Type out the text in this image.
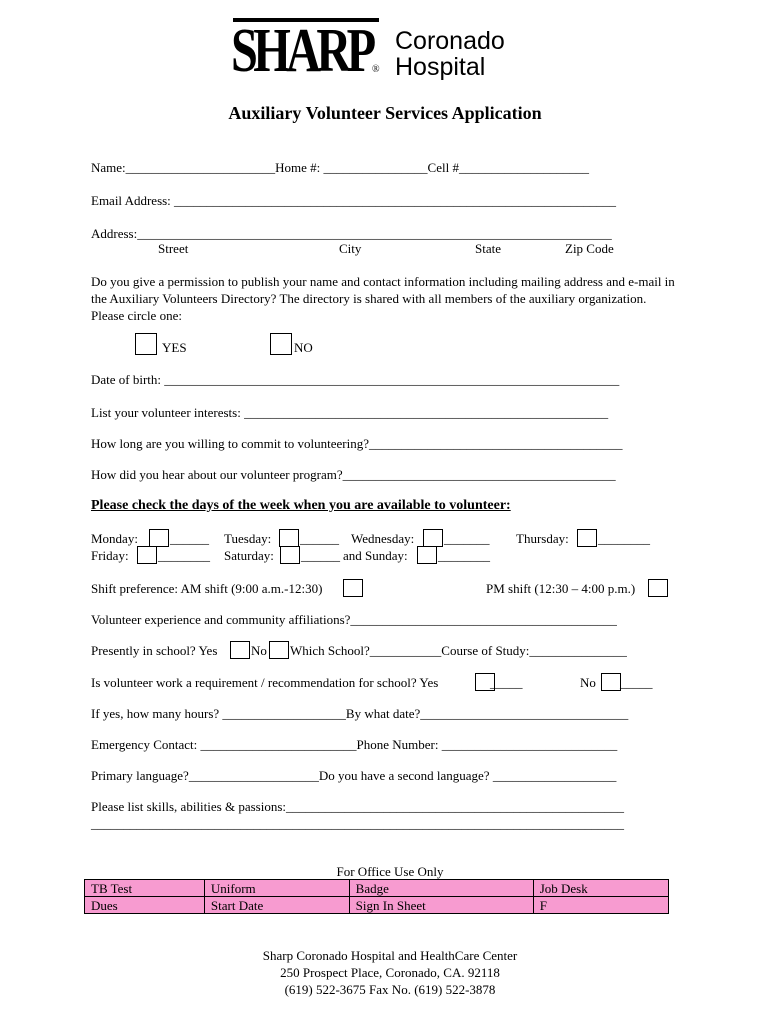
SHARP ®
Coronado
Hospital
Auxiliary Volunteer Services Application
Name:_______________________Home #: ________________Cell #____________________
Email Address: ____________________________________________________________________
Address:_________________________________________________________________________
Street	City	State	Zip Code
Do you give a permission to publish your name and contact information including mailing address and e-mail in the Auxiliary Volunteers Directory? The directory is shared with all members of the auxiliary organization. Please circle one:
YES	NO
Date of birth: ______________________________________________________________________
List your volunteer interests: ________________________________________________________
How long are you willing to commit to volunteering?_______________________________________
How did you hear about our volunteer program?__________________________________________
Please check the days of the week when you are available to volunteer:
Monday: ______ Tuesday: ______ Wednesday: _______ Thursday: ________
Friday: ________ Saturday: ______ and Sunday: ________
Shift preference: AM shift (9:00 a.m.-12:30)	PM shift (12:30 – 4:00 p.m.)
Volunteer experience and community affiliations?_________________________________________
Presently in school? Yes	No Which School?___________Course of Study:_______________
Is volunteer work a requirement / recommendation for school? Yes	_____	No _____
If yes, how many hours? ___________________By what date?________________________________
Emergency Contact: ________________________Phone Number: ___________________________
Primary language?____________________Do you have a second language? ___________________
Please list skills, abilities & passions:____________________________________________________
__________________________________________________________________________________
For Office Use Only
TB Test	Uniform	Badge	Job Desk
Dues	Start Date	Sign In Sheet	F
Sharp Coronado Hospital and HealthCare Center
250 Prospect Place, Coronado, CA. 92118
(619) 522-3675 Fax No. (619) 522-3878
